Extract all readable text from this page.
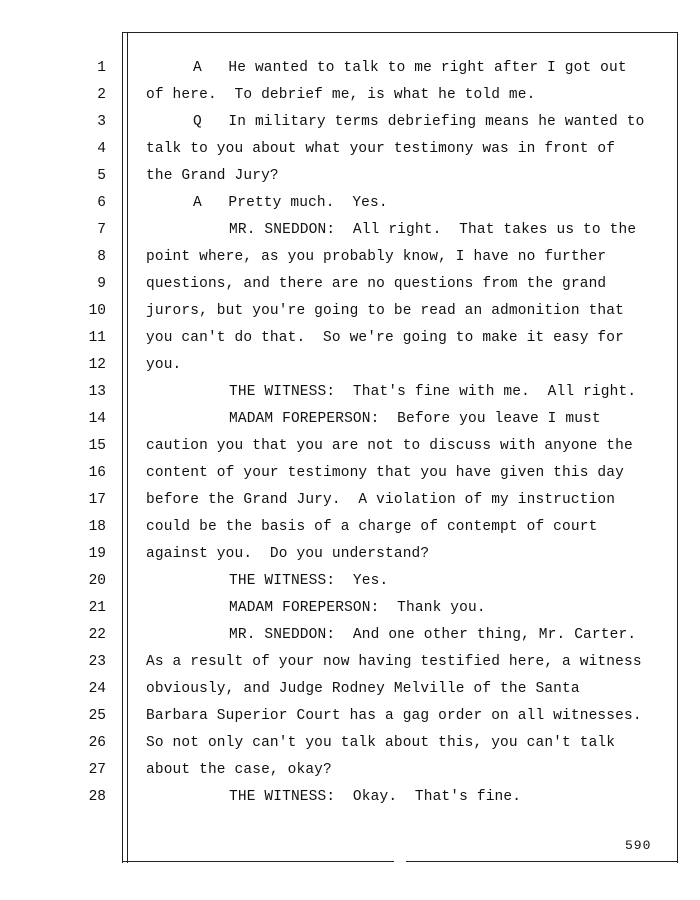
1	A   He wanted to talk to me right after I got out
2	of here.  To debrief me, is what he told me.
3	Q   In military terms debriefing means he wanted to
4	talk to you about what your testimony was in front of
5	the Grand Jury?
6	A   Pretty much.  Yes.
7	MR. SNEDDON:  All right.  That takes us to the
8	point where, as you probably know, I have no further
9	questions, and there are no questions from the grand
10	jurors, but you're going to be read an admonition that
11	you can't do that.  So we're going to make it easy for
12	you.
13	THE WITNESS:  That's fine with me.  All right.
14	MADAM FOREPERSON:  Before you leave I must
15	caution you that you are not to discuss with anyone the
16	content of your testimony that you have given this day
17	before the Grand Jury.  A violation of my instruction
18	could be the basis of a charge of contempt of court
19	against you.  Do you understand?
20	THE WITNESS:  Yes.
21	MADAM FOREPERSON:  Thank you.
22	MR. SNEDDON:  And one other thing, Mr. Carter.
23	As a result of your now having testified here, a witness
24	obviously, and Judge Rodney Melville of the Santa
25	Barbara Superior Court has a gag order on all witnesses.
26	So not only can't you talk about this, you can't talk
27	about the case, okay?
28	THE WITNESS:  Okay.  That's fine.
590
